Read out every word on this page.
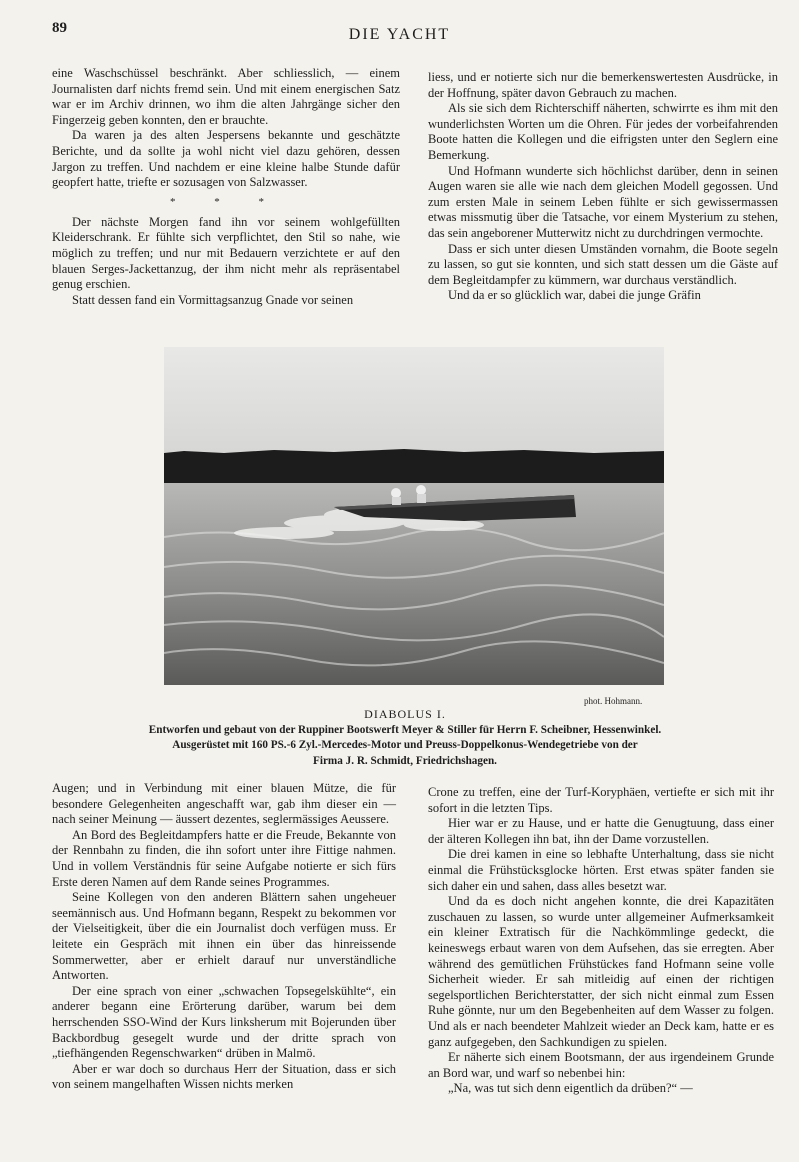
89	DIE YACHT

eine Waschschüssel beschränkt. Aber schliesslich, — einem Journalisten darf nichts fremd sein. Und mit einem energischen Satz war er im Archiv drinnen, wo ihm die alten Jahrgänge sicher den Fingerzeig geben konnten, den er brauchte.

Da waren ja des alten Jespersens bekannte und geschätzte Berichte, und da sollte ja wohl nicht viel dazu gehören, dessen Jargon zu treffen. Und nachdem er eine kleine halbe Stunde dafür geopfert hatte, triefte er sozusagen von Salzwasser.

* * *

Der nächste Morgen fand ihn vor seinem wohlgefüllten Kleiderschrank. Er fühlte sich verpflichtet, den Stil so nahe, wie möglich zu treffen; und nur mit Bedauern verzichtete er auf den blauen Serges-Jackettanzug, der ihm nicht mehr als repräsentabel genug erschien.

Statt dessen fand ein Vormittagsanzug Gnade vor seinen

liess, und er notierte sich nur die bemerkenswertesten Ausdrücke, in der Hoffnung, später davon Gebrauch zu machen.

Als sie sich dem Richterschiff näherten, schwirrte es ihm mit den wunderlichsten Worten um die Ohren. Für jedes der vorbeifahrenden Boote hatten die Kollegen und die eifrigsten unter den Seglern eine Bemerkung.

Und Hofmann wunderte sich höchlichst darüber, denn in seinen Augen waren sie alle wie nach dem gleichen Modell gegossen. Und zum ersten Male in seinem Leben fühlte er sich gewissermassen etwas missmutig über die Tatsache, vor einem Mysterium zu stehen, das sein angeborener Mutterwitz nicht zu durchdringen vermochte.

Dass er sich unter diesen Umständen vornahm, die Boote segeln zu lassen, so gut sie konnten, und sich statt dessen um die Gäste auf dem Begleitdampfer zu kümmern, war durchaus verständlich.

Und da er so glücklich war, dabei die junge Gräfin

phot. Hohmann.
DIABOLUS I.
Entworfen und gebaut von der Ruppiner Bootswerft Meyer & Stiller für Herrn F. Scheibner, Hessenwinkel.
Ausgerüstet mit 160 PS.-6 Zyl.-Mercedes-Motor und Preuss-Doppelkonus-Wendegetriebe von der
Firma J. R. Schmidt, Friedrichshagen.

Augen; und in Verbindung mit einer blauen Mütze, die für besondere Gelegenheiten angeschafft war, gab ihm dieser ein — nach seiner Meinung — äussert dezentes, seglermässiges Aeussere.

An Bord des Begleitdampfers hatte er die Freude, Bekannte von der Rennbahn zu finden, die ihn sofort unter ihre Fittige nahmen. Und in vollem Verständnis für seine Aufgabe notierte er sich fürs Erste deren Namen auf dem Rande seines Programmes.

Seine Kollegen von den anderen Blättern sahen ungeheuer seemännisch aus. Und Hofmann begann, Respekt zu bekommen vor der Vielseitigkeit, über die ein Journalist doch verfügen muss. Er leitete ein Gespräch mit ihnen ein über das hinreissende Sommerwetter, aber er erhielt darauf nur unverständliche Antworten.

Der eine sprach von einer „schwachen Topsegelskühlte“, ein anderer begann eine Erörterung darüber, warum bei dem herrschenden SSO-Wind der Kurs linksherum mit Bojerunden über Backbordbug gesegelt wurde und der dritte sprach von „tiefhängenden Regenschwarken“ drüben in Malmö.

Aber er war doch so durchaus Herr der Situation, dass er sich von seinem mangelhaften Wissen nichts merken

Crone zu treffen, eine der Turf-Koryphäen, vertiefte er sich mit ihr sofort in die letzten Tips.

Hier war er zu Hause, und er hatte die Genugtuung, dass einer der älteren Kollegen ihn bat, ihn der Dame vorzustellen.

Die drei kamen in eine so lebhafte Unterhaltung, dass sie nicht einmal die Frühstücksglocke hörten. Erst etwas später fanden sie sich daher ein und sahen, dass alles besetzt war.

Und da es doch nicht angehen konnte, die drei Kapazitäten zuschauen zu lassen, so wurde unter allgemeiner Aufmerksamkeit ein kleiner Extratisch für die Nachkömmlinge gedeckt, die keineswegs erbaut waren von dem Aufsehen, das sie erregten. Aber während des gemütlichen Frühstückes fand Hofmann seine volle Sicherheit wieder. Er sah mitleidig auf einen der richtigen segelsportlichen Berichterstatter, der sich nicht einmal zum Essen Ruhe gönnte, nur um den Begebenheiten auf dem Wasser zu folgen. Und als er nach beendeter Mahlzeit wieder an Deck kam, hatte er es ganz aufgegeben, den Sachkundigen zu spielen.

Er näherte sich einem Bootsmann, der aus irgendeinem Grunde an Bord war, und warf so nebenbei hin:

„Na, was tut sich denn eigentlich da drüben?“ —
